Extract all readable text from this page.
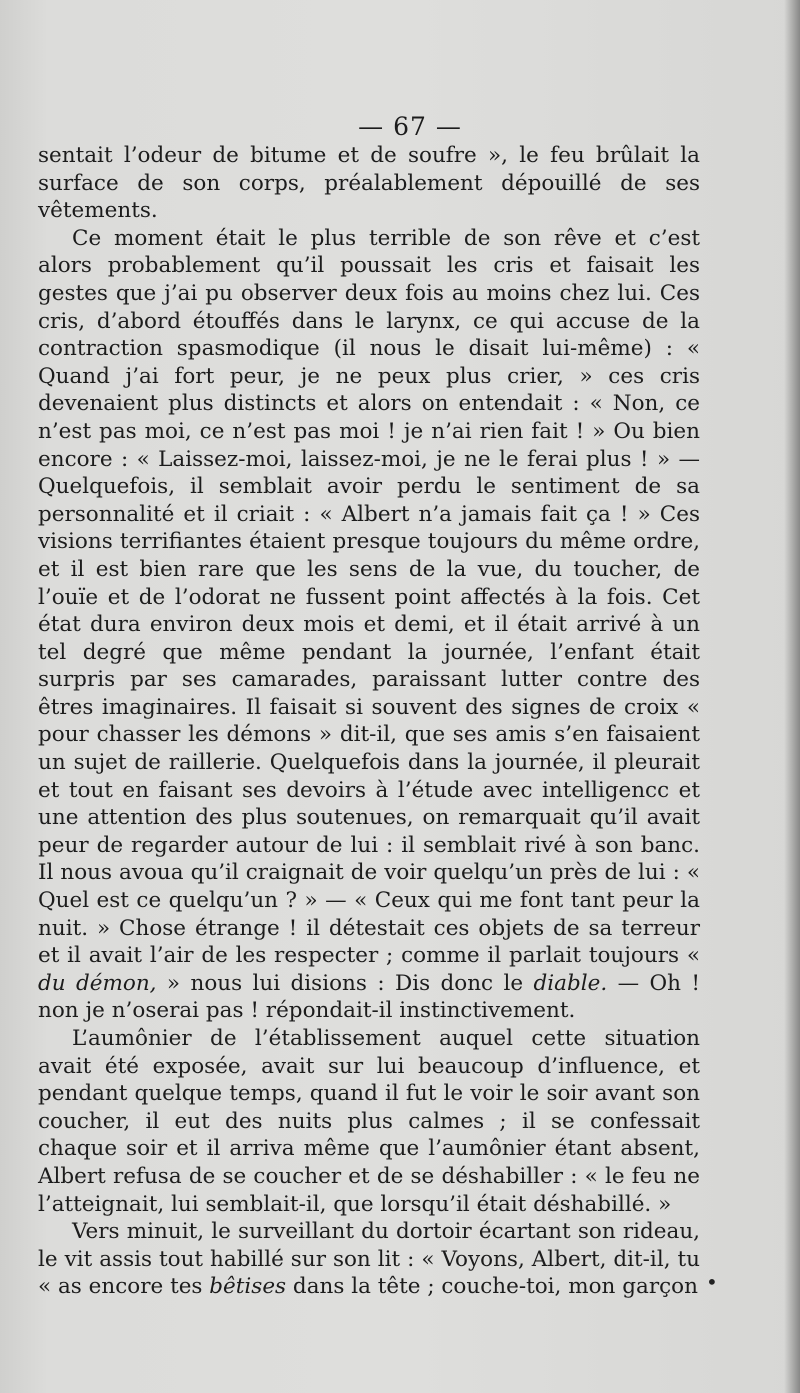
— 67 —

sentait l’odeur de bitume et de soufre », le feu brûlait la surface de son corps, préalablement dépouillé de ses vêtements.

Ce moment était le plus terrible de son rêve et c’est alors probablement qu’il poussait les cris et faisait les gestes que j’ai pu observer deux fois au moins chez lui. Ces cris, d’abord étouffés dans le larynx, ce qui accuse de la contraction spasmodique (il nous le disait lui-même) : « Quand j’ai fort peur, je ne peux plus crier, » ces cris devenaient plus distincts et alors on entendait : « Non, ce n’est pas moi, ce n’est pas moi ! je n’ai rien fait ! » Ou bien encore : « Laissez-moi, laissez-moi, je ne le ferai plus ! » — Quelquefois, il semblait avoir perdu le sentiment de sa personnalité et il criait : « Albert n’a jamais fait ça ! » Ces visions terrifiantes étaient presque toujours du même ordre, et il est bien rare que les sens de la vue, du toucher, de l’ouïe et de l’odorat ne fussent point affectés à la fois. Cet état dura environ deux mois et demi, et il était arrivé à un tel degré que même pendant la journée, l’enfant était surpris par ses camarades, paraissant lutter contre des êtres imaginaires. Il faisait si souvent des signes de croix « pour chasser les démons » dit-il, que ses amis s’en faisaient un sujet de raillerie. Quelquefois dans la journée, il pleurait et tout en faisant ses devoirs à l’étude avec intelligencc et une attention des plus soutenues, on remarquait qu’il avait peur de regarder autour de lui : il semblait rivé à son banc. Il nous avoua qu’il craignait de voir quelqu’un près de lui : « Quel est ce quelqu’un ? » — « Ceux qui me font tant peur la nuit. » Chose étrange ! il détestait ces objets de sa terreur et il avait l’air de les respecter ; comme il parlait toujours « du démon, » nous lui disions : Dis donc le diable. — Oh ! non je n’oserai pas ! répondait-il instinctivement.

L’aumônier de l’établissement auquel cette situation avait été exposée, avait sur lui beaucoup d’influence, et pendant quelque temps, quand il fut le voir le soir avant son coucher, il eut des nuits plus calmes ; il se confessait chaque soir et il arriva même que l’aumônier étant absent, Albert refusa de se coucher et de se déshabiller : « le feu ne l’atteignait, lui semblait-il, que lorsqu’il était déshabillé. »

Vers minuit, le surveillant du dortoir écartant son rideau, le vit assis tout habillé sur son lit : « Voyons, Albert, dit-il, tu « as encore tes bêtises dans la tête ; couche-toi, mon garçon •
